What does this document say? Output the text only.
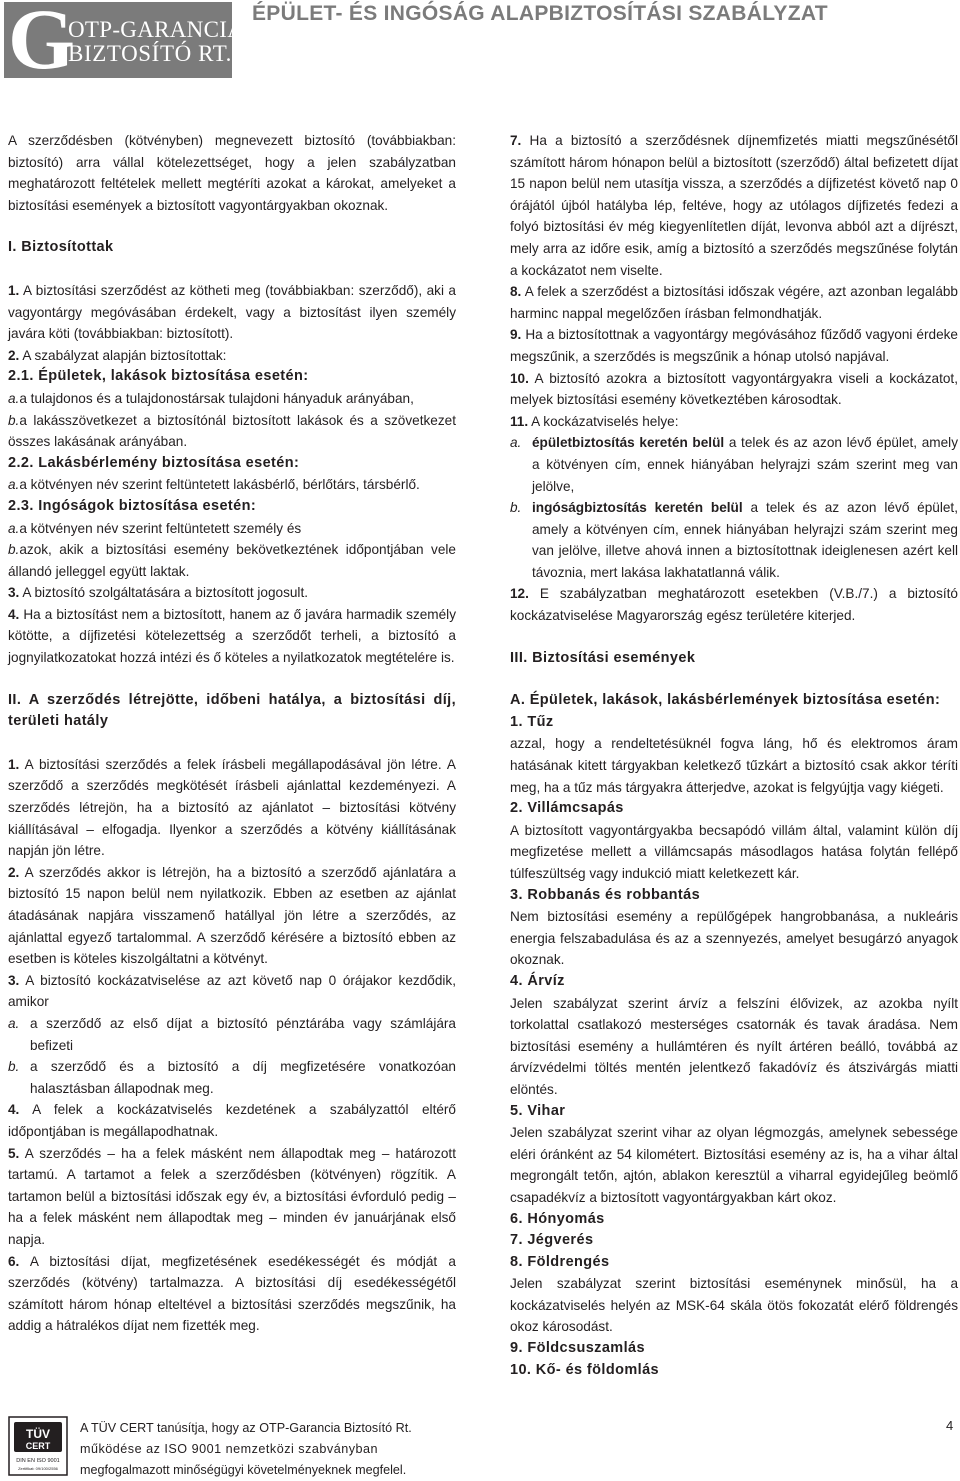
G
OTP-GARANCIA
BIZTOSÍTÓ RT.
ÉPÜLET- ÉS INGÓSÁG ALAPBIZTOSÍTÁSI SZABÁLYZAT

A szerződésben (kötvényben) megnevezett biztosító (továbbiakban: biztosító) arra vállal kötelezettséget, hogy a jelen szabályzatban meghatározott feltételek mellett megtéríti azokat a károkat, amelyeket a biztosítási események a biztosított vagyontárgyakban okoznak.

I. Biztosítottak

1. A biztosítási szerződést az kötheti meg (továbbiakban: szerződő), aki a vagyontárgy megóvásában érdekelt, vagy a biztosítást ilyen személy javára köti (továbbiakban: biztosított).

2. A szabályzat alapján biztosítottak:

2.1. Épületek, lakások biztosítása esetén:

a.a tulajdonos és a tulajdonostársak tulajdoni hányaduk arányában,

b.a lakásszövetkezet a biztosítónál biztosított lakások és a szövetkezet összes lakásának arányában.

2.2. Lakásbérlemény biztosítása esetén:

a.a kötvényen név szerint feltüntetett lakásbérlő, bérlőtárs, társbérlő.

2.3. Ingóságok biztosítása esetén:

a.a kötvényen név szerint feltüntetett személy és

b.azok, akik a biztosítási esemény bekövetkeztének időpontjában vele állandó jelleggel együtt laktak.

3. A biztosító szolgáltatására a biztosított jogosult.

4. Ha a biztosítást nem a biztosított, hanem az ő javára harmadik személy kötötte, a díjfizetési kötelezettség a szerződőt terheli, a biztosító a jognyilatkozatokat hozzá intézi és ő köteles a nyilatkozatok megtételére is.

II. A szerződés létrejötte, időbeni hatálya, a biztosítási díj, területi hatály

1. A biztosítási szerződés a felek írásbeli megállapodásával jön létre. A szerződő a szerződés megkötését írásbeli ajánlattal kezdeményezi. A szerződés létrejön, ha a biztosító az ajánlatot – biztosítási kötvény kiállításával – elfogadja. Ilyenkor a szerződés a kötvény kiállításának napján jön létre.

2. A szerződés akkor is létrejön, ha a biztosító a szerződő ajánlatára a biztosító 15 napon belül nem nyilatkozik. Ebben az esetben az ajánlat átadásának napjára visszamenő hatállyal jön létre a szerződés, az ajánlattal egyező tartalommal. A szerződő kérésére a biztosító ebben az esetben is köteles kiszolgáltatni a kötvényt.

3. A biztosító kockázatviselése az azt követő nap 0 órájakor kezdődik, amikor

a. a szerződő az első díjat a biztosító pénztárába vagy számlájára befizeti
b. a szerződő és a biztosító a díj megfizetésére vonatkozóan halasztásban állapodnak meg.

4. A felek a kockázatviselés kezdetének a szabályzattól eltérő időpontjában is megállapodhatnak.

5. A szerződés – ha a felek másként nem állapodtak meg – határozott tartamú. A tartamot a felek a szerződésben (kötvényen) rögzítik. A tartamon belül a biztosítási időszak egy év, a biztosítási évforduló pedig – ha a felek másként nem állapodtak meg – minden év januárjának első napja.

6. A biztosítási díjat, megfizetésének esedékességét és módját a szerződés (kötvény) tartalmazza. A biztosítási díj esedékességétől számított három hónap elteltével a biztosítási szerződés megszűnik, ha addig a hátralékos díjat nem fizették meg.

7. Ha a biztosító a szerződésnek díjnemfizetés miatti megszűnésétől számított három hónapon belül a biztosított (szerződő) által befizetett díjat 15 napon belül nem utasítja vissza, a szerződés a díjfizetést követő nap 0 órájától újból hatályba lép, feltéve, hogy az utólagos díjfizetés fedezi a folyó biztosítási év még kiegyenlítetlen díját, levonva abból azt a díjrészt, mely arra az időre esik, amíg a biztosító a szerződés megszűnése folytán a kockázatot nem viselte.

8. A felek a szerződést a biztosítási időszak végére, azt azonban legalább harminc nappal megelőzően írásban felmondhatják.

9. Ha a biztosítottnak a vagyontárgy megóvásához fűződő vagyoni érdeke megszűnik, a szerződés is megszűnik a hónap utolsó napjával.

10. A biztosító azokra a biztosított vagyontárgyakra viseli a kockázatot, melyek biztosítási esemény következtében károsodtak.

11. A kockázatviselés helye:

a. épületbiztosítás keretén belül a telek és az azon lévő épület, amely a kötvényen cím, ennek hiányában helyrajzi szám szerint meg van jelölve,
b. ingóságbiztosítás keretén belül a telek és az azon lévő épület, amely a kötvényen cím, ennek hiányában helyrajzi szám szerint meg van jelölve, illetve ahová innen a biztosítottnak ideiglenesen azért kell távoznia, mert lakása lakhatatlanná válik.

12. E szabályzatban meghatározott esetekben (V.B./7.) a biztosító kockázatviselése Magyarország egész területére kiterjed.

III. Biztosítási események

A. Épületek, lakások, lakásbérlemények biztosítása esetén:

1. Tűz

azzal, hogy a rendeltetésüknél fogva láng, hő és elektromos áram hatásának kitett tárgyakban keletkező tűzkárt a biztosító csak akkor téríti meg, ha a tűz más tárgyakra átterjedve, azokat is felgyújtja vagy kiégeti.

2. Villámcsapás

A biztosított vagyontárgyakba becsapódó villám által, valamint külön díj megfizetése mellett a villámcsapás másodlagos hatása folytán fellépő túlfeszültség vagy indukció miatt keletkezett kár.

3. Robbanás és robbantás

Nem biztosítási esemény a repülőgépek hangrobbanása, a nukleáris energia felszabadulása és az a szennyezés, amelyet besugárzó anyagok okoznak.

4. Árvíz

Jelen szabályzat szerint árvíz a felszíni élővizek, az azokba nyílt torkolattal csatlakozó mesterséges csatornák és tavak áradása. Nem biztosítási esemény a hullámtéren és nyílt ártéren beálló, továbbá az árvízvédelmi töltés mentén jelentkező fakadóvíz és átszivárgás miatti elöntés.

5. Vihar

Jelen szabályzat szerint vihar az olyan légmozgás, amelynek sebessége eléri óránként az 54 kilométert. Biztosítási esemény az is, ha a vihar által megrongált tetőn, ajtón, ablakon keresztül a viharral egyidejűleg beömlő csapadékvíz a biztosított vagyontárgyakban kárt okoz.

6. Hónyomás

7. Jégverés

8. Földrengés

Jelen szabályzat szerint biztosítási eseménynek minősül, ha a kockázatviselés helyén az MSK-64 skála ötös fokozatát elérő földrengés okoz károsodást.

9. Földcsuszamlás

10. Kő- és földomlás

TÜV
CERT
DIN EN ISO 9001
Zertifikat: 09/100/2556
A TÜV CERT tanúsítja, hogy az OTP-Garancia Biztosító Rt.
működése az ISO 9001 nemzetközi szabványban
megfogalmazott minőségügyi követelményeknek megfelel.
4
